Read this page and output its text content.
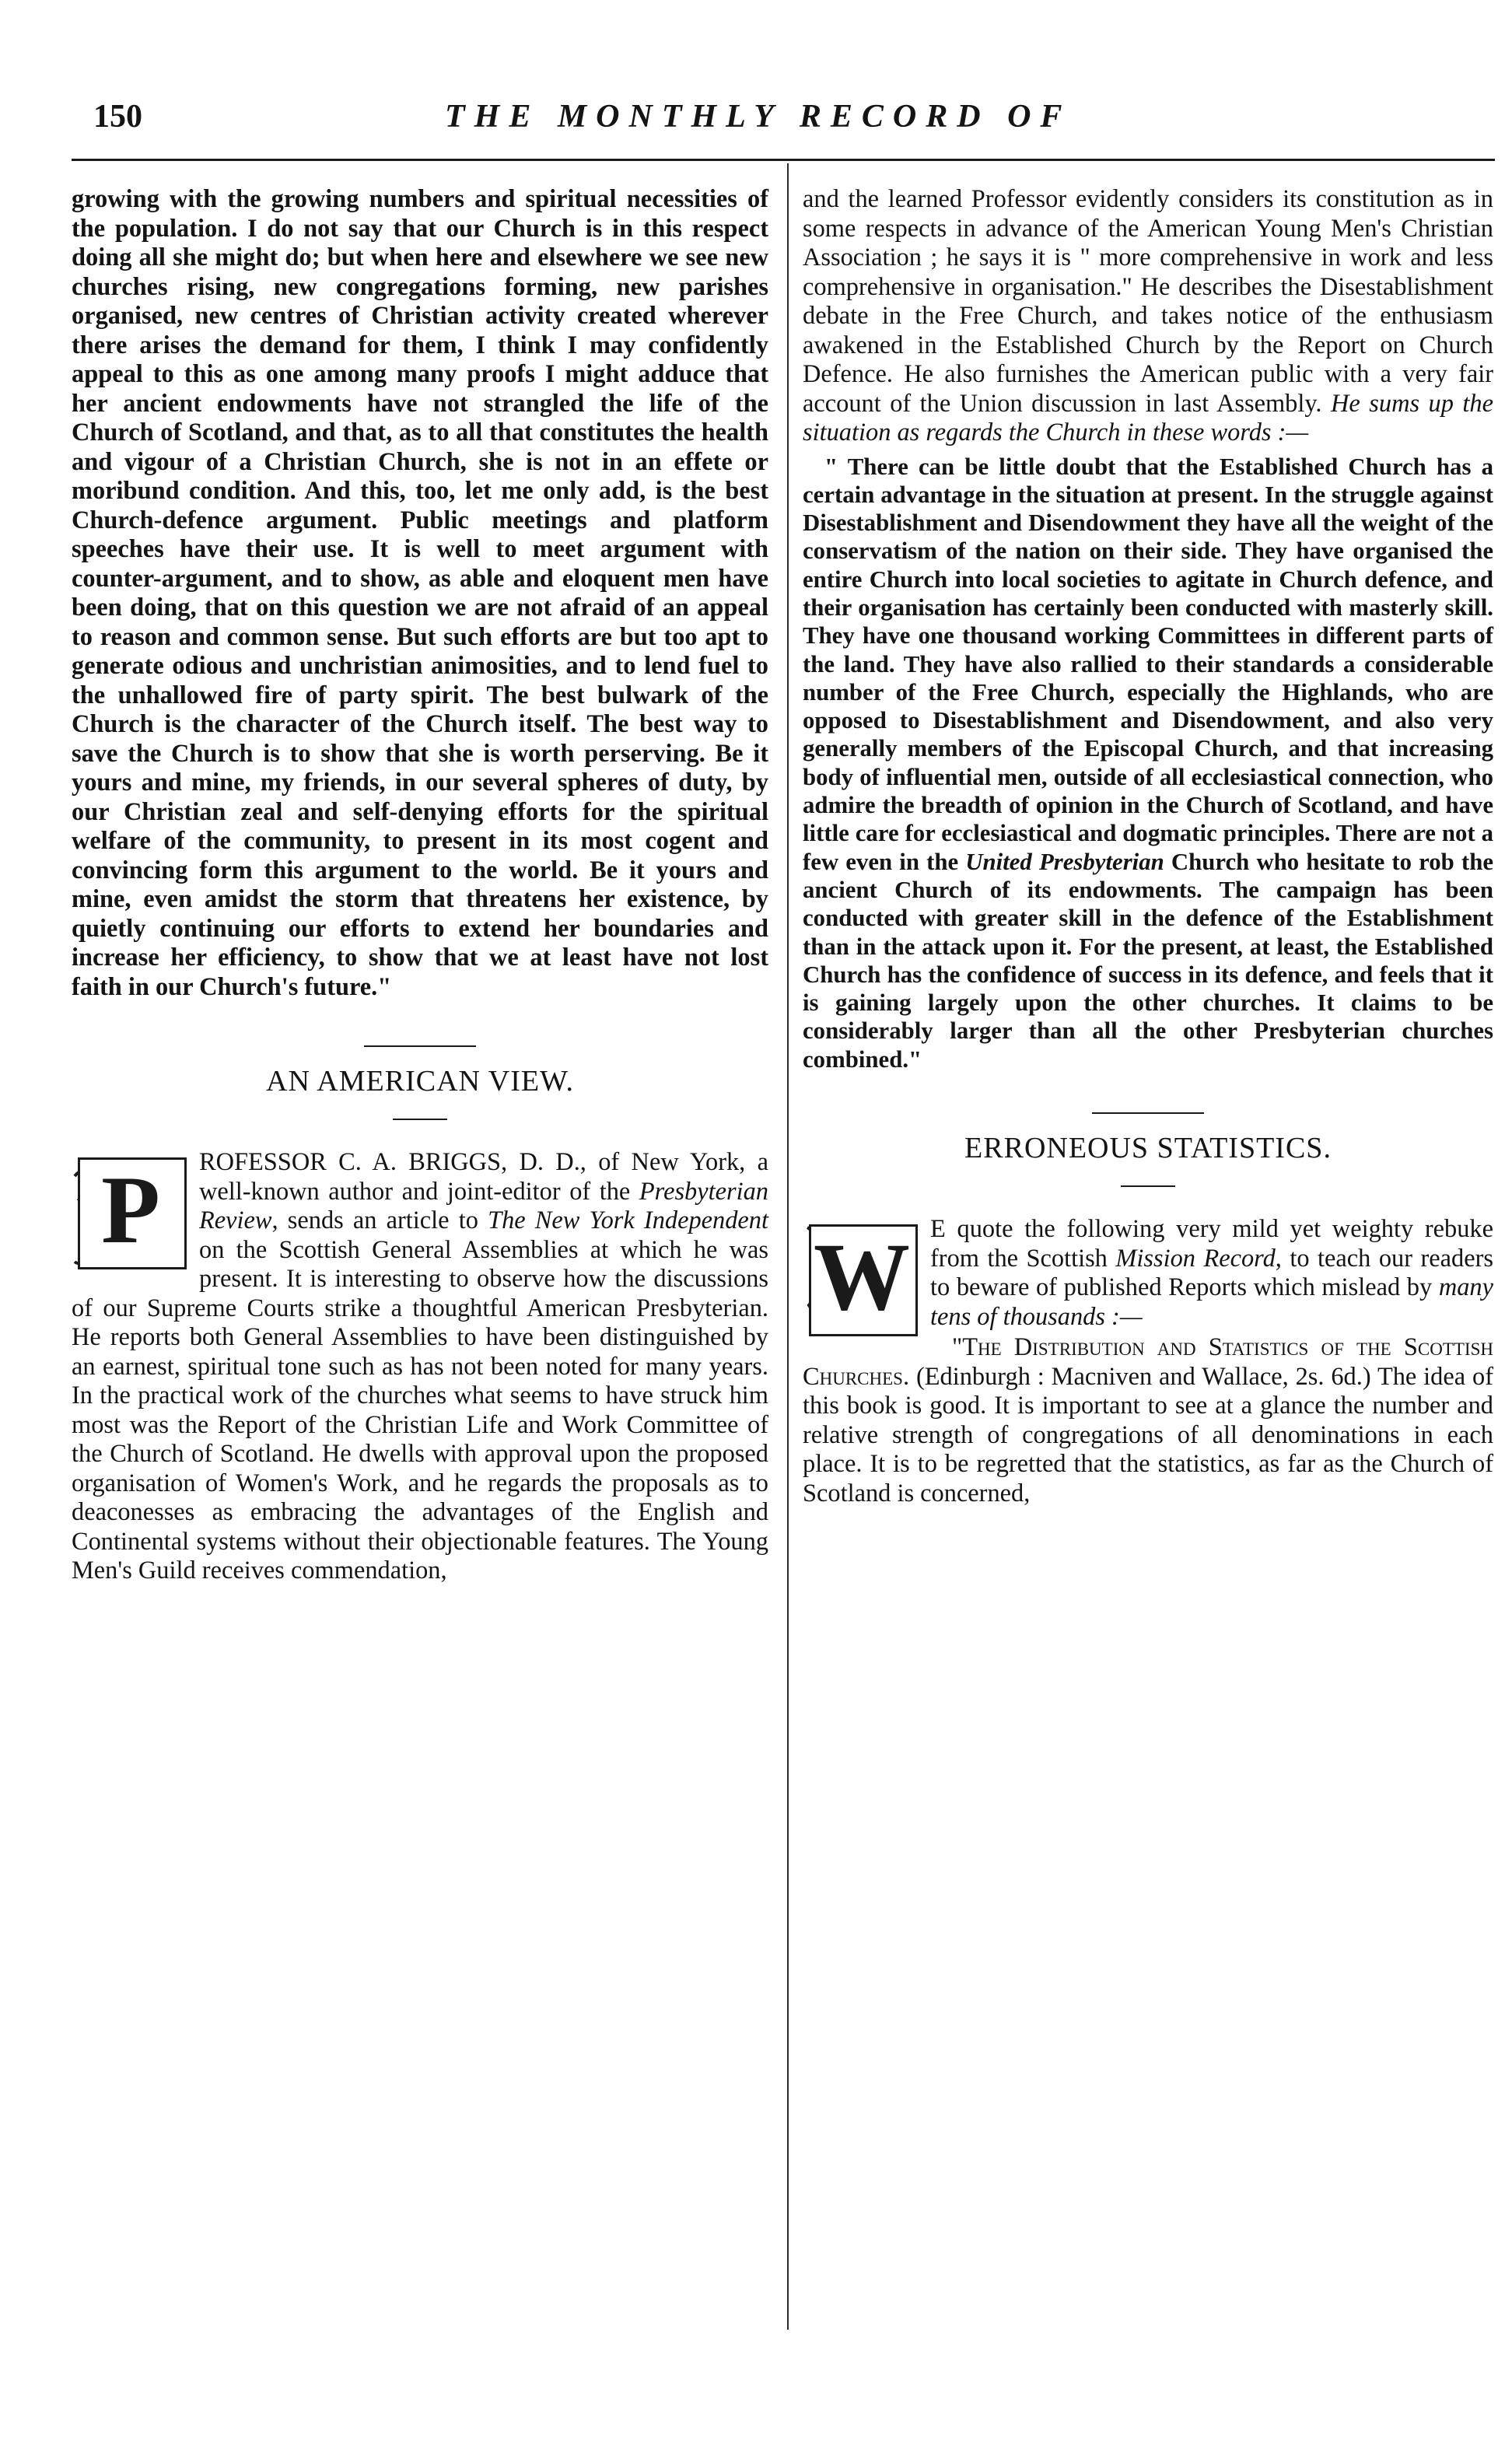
150	THE MONTHLY RECORD OF

growing with the growing numbers and spiritual necessities of the population. I do not say that our Church is in this respect doing all she might do; but when here and elsewhere we see new churches rising, new congregations forming, new parishes organised, new centres of Christian activity created wherever there arises the demand for them, I think I may confidently appeal to this as one among many proofs I might adduce that her ancient endowments have not strangled the life of the Church of Scotland, and that, as to all that constitutes the health and vigour of a Christian Church, she is not in an effete or moribund condition. And this, too, let me only add, is the best Church-defence argument. Public meetings and platform speeches have their use. It is well to meet argument with counter-argument, and to show, as able and eloquent men have been doing, that on this question we are not afraid of an appeal to reason and common sense. But such efforts are but too apt to generate odious and unchristian animosities, and to lend fuel to the unhallowed fire of party spirit. The best bulwark of the Church is the character of the Church itself. The best way to save the Church is to show that she is worth perserving. Be it yours and mine, my friends, in our several spheres of duty, by our Christian zeal and self-denying efforts for the spiritual welfare of the community, to present in its most cogent and convincing form this argument to the world. Be it yours and mine, even amidst the storm that threatens her existence, by quietly continuing our efforts to extend her boundaries and increase her efficiency, to show that we at least have not lost faith in our Church's future."

AN AMERICAN VIEW.

P	ROFESSOR C. A. BRIGGS, D. D., of New York, a well-known author and joint-editor of the Presbyterian Review, sends an article to The New York Independent on the Scottish General Assemblies at which he was present. It is interesting to observe how the discussions of our Supreme Courts strike a thoughtful American Presbyterian. He reports both General Assemblies to have been distinguished by an earnest, spiritual tone such as has not been noted for many years. In the practical work of the churches what seems to have struck him most was the Report of the Christian Life and Work Committee of the Church of Scotland. He dwells with approval upon the proposed organisation of Women's Work, and he regards the proposals as to deaconesses as embracing the advantages of the English and Continental systems without their objectionable features. The Young Men's Guild receives commendation,

and the learned Professor evidently considers its constitution as in some respects in advance of the American Young Men's Christian Association ; he says it is " more comprehensive in work and less comprehensive in organisation." He describes the Disestablishment debate in the Free Church, and takes notice of the enthusiasm awakened in the Established Church by the Report on Church Defence. He also furnishes the American public with a very fair account of the Union discussion in last Assembly. He sums up the situation as regards the Church in these words :—

" There can be little doubt that the Established Church has a certain advantage in the situation at present. In the struggle against Disestablishment and Disendowment they have all the weight of the conservatism of the nation on their side. They have organised the entire Church into local societies to agitate in Church defence, and their organisation has certainly been conducted with masterly skill. They have one thousand working Committees in different parts of the land. They have also rallied to their standards a considerable number of the Free Church, especially the Highlands, who are opposed to Disestablishment and Disendowment, and also very generally members of the Episcopal Church, and that increasing body of influential men, outside of all ecclesiastical connection, who admire the breadth of opinion in the Church of Scotland, and have little care for ecclesiastical and dogmatic principles. There are not a few even in the United Presbyterian Church who hesitate to rob the ancient Church of its endowments. The campaign has been conducted with greater skill in the defence of the Establishment than in the attack upon it. For the present, at least, the Established Church has the confidence of success in its defence, and feels that it is gaining largely upon the other churches. It claims to be considerably larger than all the other Presbyterian churches combined."

ERRONEOUS STATISTICS.

W E quote the following very mild yet weighty rebuke from the Scottish Mission Record, to teach our readers to beware of published Reports which mislead by many tens of thousands :—

"The Distribution and Statistics of the Scottish Churches. (Edinburgh : Macniven and Wallace, 2s. 6d.) The idea of this book is good. It is important to see at a glance the number and relative strength of congregations of all denominations in each place. It is to be regretted that the statistics, as far as the Church of Scotland is concerned,
